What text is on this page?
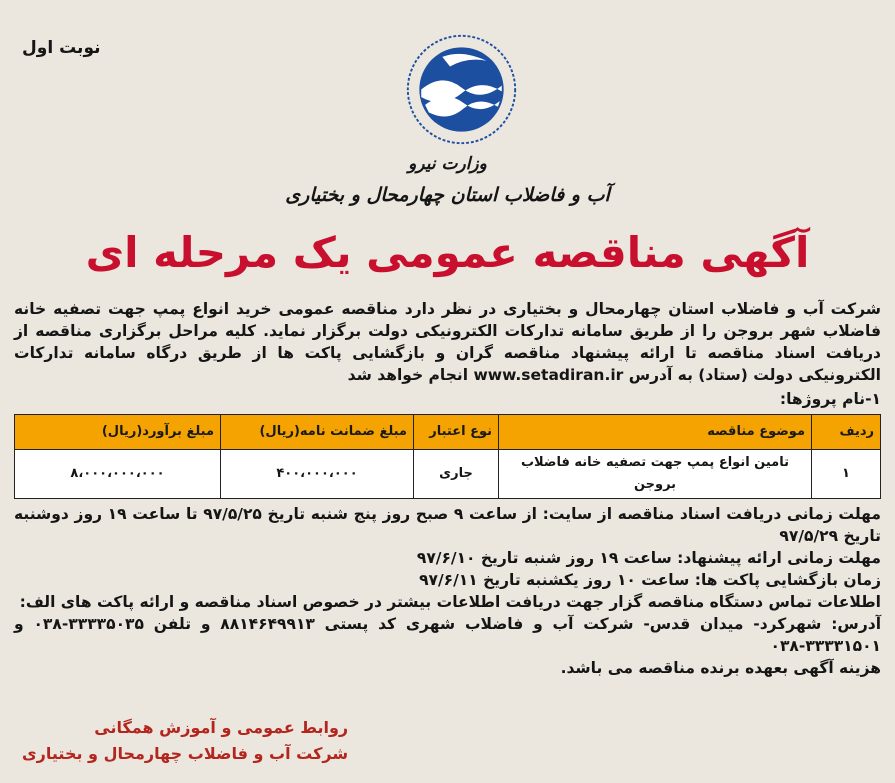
نوبت اول
وزارت نیرو
آب و فاضلاب استان چهارمحال و بختیاری
آگهی مناقصه عمومی یک مرحله ای

شرکت آب و فاضلاب استان چهارمحال و بختیاری در نظر دارد مناقصه عمومی خرید انواع پمپ جهت تصفیه خانه فاضلاب شهر بروجن را از طریق سامانه تدارکات الکترونیکی دولت برگزار نماید. کلیه مراحل برگزاری مناقصه از دریافت اسناد مناقصه تا ارائه پیشنهاد مناقصه گران و بازگشایی پاکت ها از طریق درگاه سامانه تدارکات الکترونیکی دولت (ستاد) به آدرس www.setadiran.ir انجام خواهد شد

۱-نام پروژها:

ردیف	موضوع مناقصه	نوع اعتبار	مبلغ ضمانت نامه(ریال)	مبلغ برآورد(ریال)
۱	تامین انواع پمپ جهت تصفیه خانه فاضلاب بروجن	جاری	۴۰۰،۰۰۰،۰۰۰	۸،۰۰۰،۰۰۰،۰۰۰

مهلت زمانی دریافت اسناد مناقصه از سایت: از ساعت ۹ صبح روز پنج شنبه تاریخ ۹۷/۵/۲۵ تا ساعت ۱۹ روز دوشنبه تاریخ ۹۷/۵/۲۹

مهلت زمانی ارائه پیشنهاد: ساعت ۱۹ روز شنبه تاریخ ۹۷/۶/۱۰

زمان بازگشایی پاکت ها: ساعت ۱۰ روز یکشنبه تاریخ ۹۷/۶/۱۱

اطلاعات تماس دستگاه مناقصه گزار جهت دریافت اطلاعات بیشتر در خصوص اسناد مناقصه و ارائه پاکت های الف:

آدرس: شهرکرد- میدان قدس- شرکت آب و فاضلاب شهری کد پستی ۸۸۱۴۶۴۹۹۱۳ و تلفن ۳۳۳۳۵۰۳۵-۰۳۸ و ۳۳۳۳۱۵۰۱-۰۳۸

هزینه آگهی بعهده برنده مناقصه می باشد.

روابط عمومی و آموزش همگانی
شرکت آب و فاضلاب چهارمحال و بختیاری
